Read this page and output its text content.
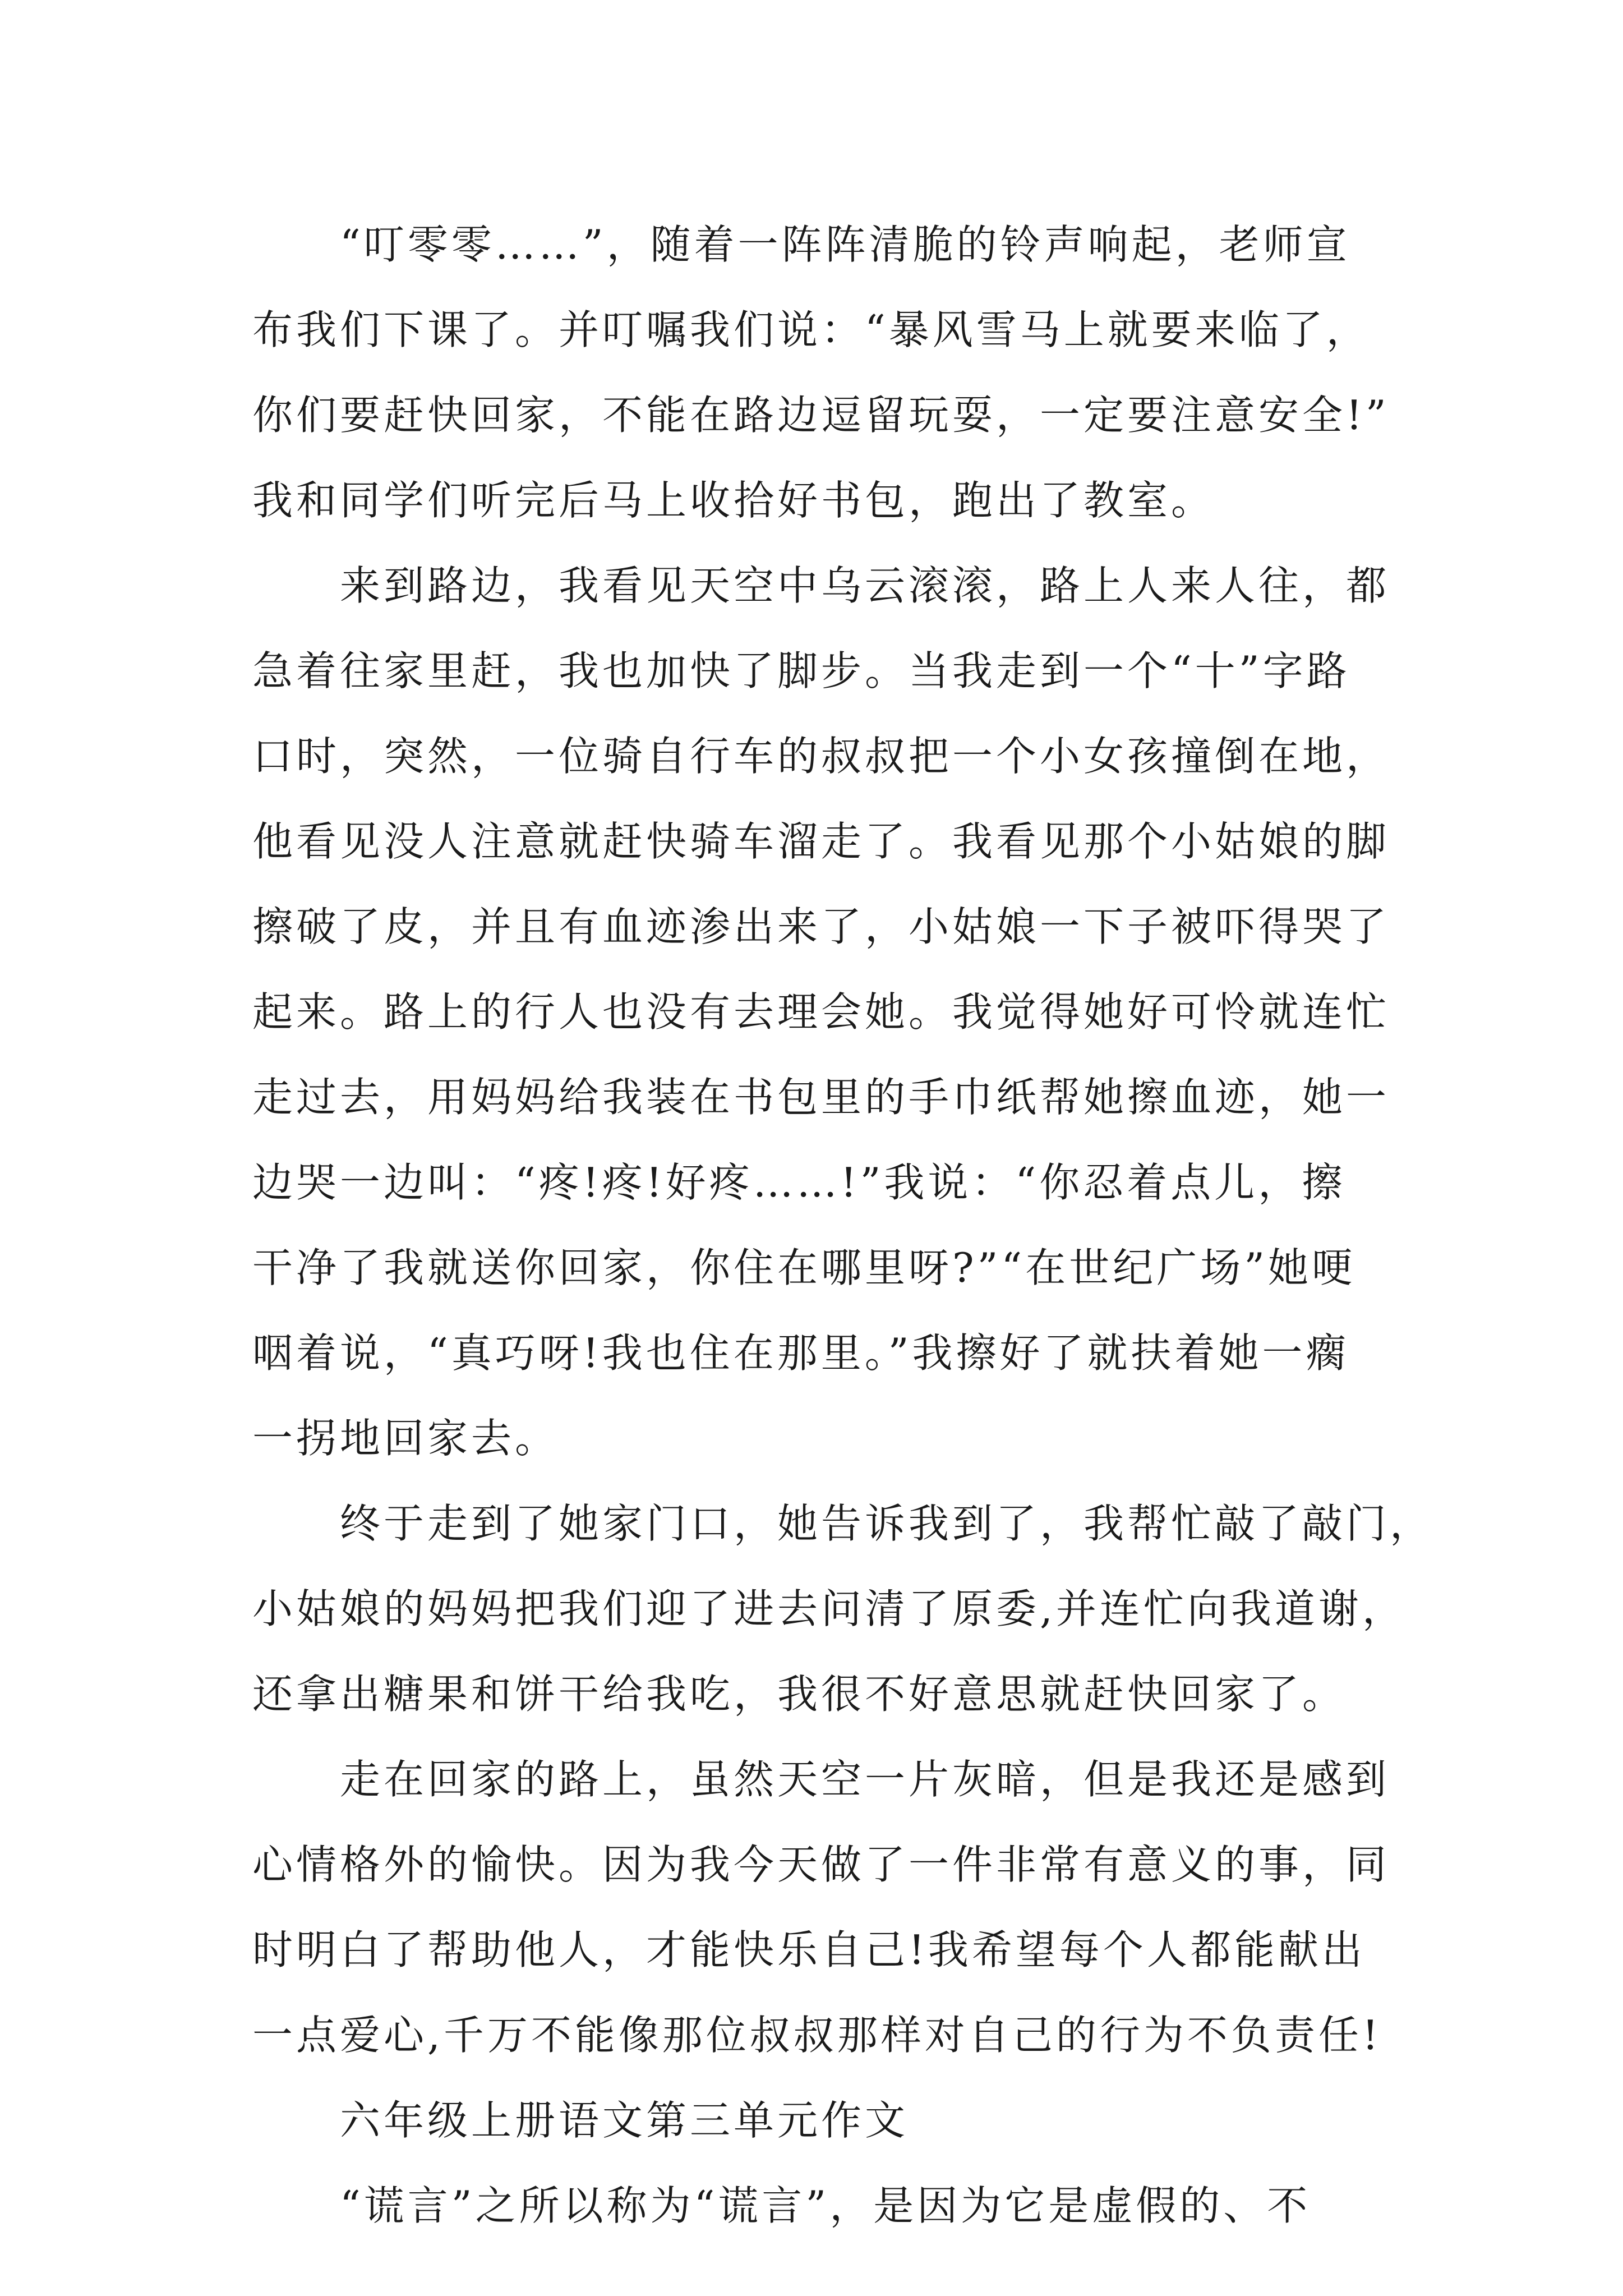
　　“叮零零……”，随着一阵阵清脆的铃声响起，老师宣
布我们下课了。并叮嘱我们说：“暴风雪马上就要来临了，
你们要赶快回家，不能在路边逗留玩耍，一定要注意安全!”
我和同学们听完后马上收拾好书包，跑出了教室。
　　来到路边，我看见天空中乌云滚滚，路上人来人往，都
急着往家里赶，我也加快了脚步。当我走到一个“十”字路
口时，突然，一位骑自行车的叔叔把一个小女孩撞倒在地，
他看见没人注意就赶快骑车溜走了。我看见那个小姑娘的脚
擦破了皮，并且有血迹渗出来了，小姑娘一下子被吓得哭了
起来。路上的行人也没有去理会她。我觉得她好可怜就连忙
走过去，用妈妈给我装在书包里的手巾纸帮她擦血迹，她一
边哭一边叫：“疼!疼!好疼……!”我说：“你忍着点儿，擦
干净了我就送你回家，你住在哪里呀?”“在世纪广场”她哽
咽着说，“真巧呀!我也住在那里。”我擦好了就扶着她一瘸
一拐地回家去。
　　终于走到了她家门口，她告诉我到了，我帮忙敲了敲门，
小姑娘的妈妈把我们迎了进去问清了原委,并连忙向我道谢，
还拿出糖果和饼干给我吃，我很不好意思就赶快回家了。
　　走在回家的路上，虽然天空一片灰暗，但是我还是感到
心情格外的愉快。因为我今天做了一件非常有意义的事，同
时明白了帮助他人，才能快乐自己!我希望每个人都能献出
一点爱心,千万不能像那位叔叔那样对自己的行为不负责任!
　　六年级上册语文第三单元作文
　　“谎言”之所以称为“谎言”，是因为它是虚假的、不
